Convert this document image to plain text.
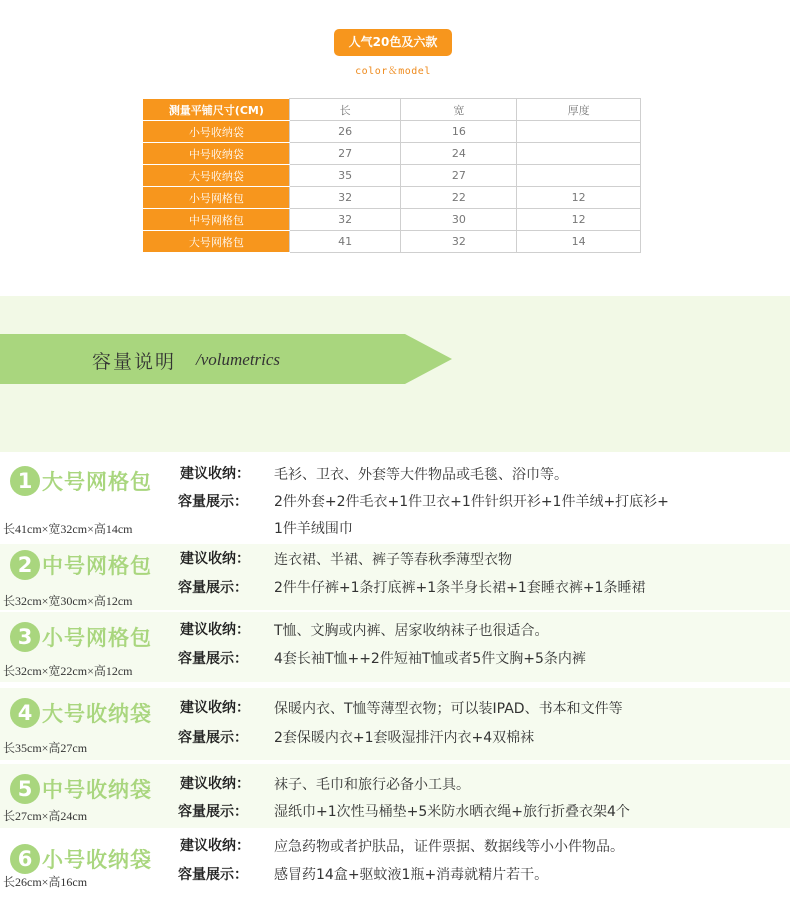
人气20色及六款
color＆model
测量平铺尺寸(CM)	长	宽	厚度
小号收纳袋	26	16	
中号收纳袋	27	24	
大号收纳袋	35	27	
小号网格包	32	22	12
中号网格包	32	30	12
大号网格包	41	32	14
容量说明 /volumetrics
1 大号网格包
长41cm×宽32cm×高14cm
建议收纳： 毛衫、卫衣、外套等大件物品或毛毯、浴巾等。
容量展示： 2件外套+2件毛衣+1件卫衣+1件针织开衫+1件羊绒+打底衫+
1件羊绒围巾
2 中号网格包
长32cm×宽30cm×高12cm
建议收纳： 连衣裙、半裙、裤子等春秋季薄型衣物
容量展示： 2件牛仔裤+1条打底裤+1条半身长裙+1套睡衣裤+1条睡裙
3 小号网格包
长32cm×宽22cm×高12cm
建议收纳： T恤、文胸或内裤、居家收纳袜子也很适合。
容量展示： 4套长袖T恤++2件短袖T恤或者5件文胸+5条内裤
4 大号收纳袋
长35cm×高27cm
建议收纳： 保暖内衣、T恤等薄型衣物；可以装IPAD、书本和文件等
容量展示： 2套保暖内衣+1套吸湿排汗内衣+4双棉袜
5 中号收纳袋
长27cm×高24cm
建议收纳： 袜子、毛巾和旅行必备小工具。
容量展示： 湿纸巾+1次性马桶垫+5米防水晒衣绳+旅行折叠衣架4个
6 小号收纳袋
长26cm×高16cm
建议收纳： 应急药物或者护肤品，证件票据、数据线等小小件物品。
容量展示： 感冒药14盒+驱蚊液1瓶+消毒就精片若干。
